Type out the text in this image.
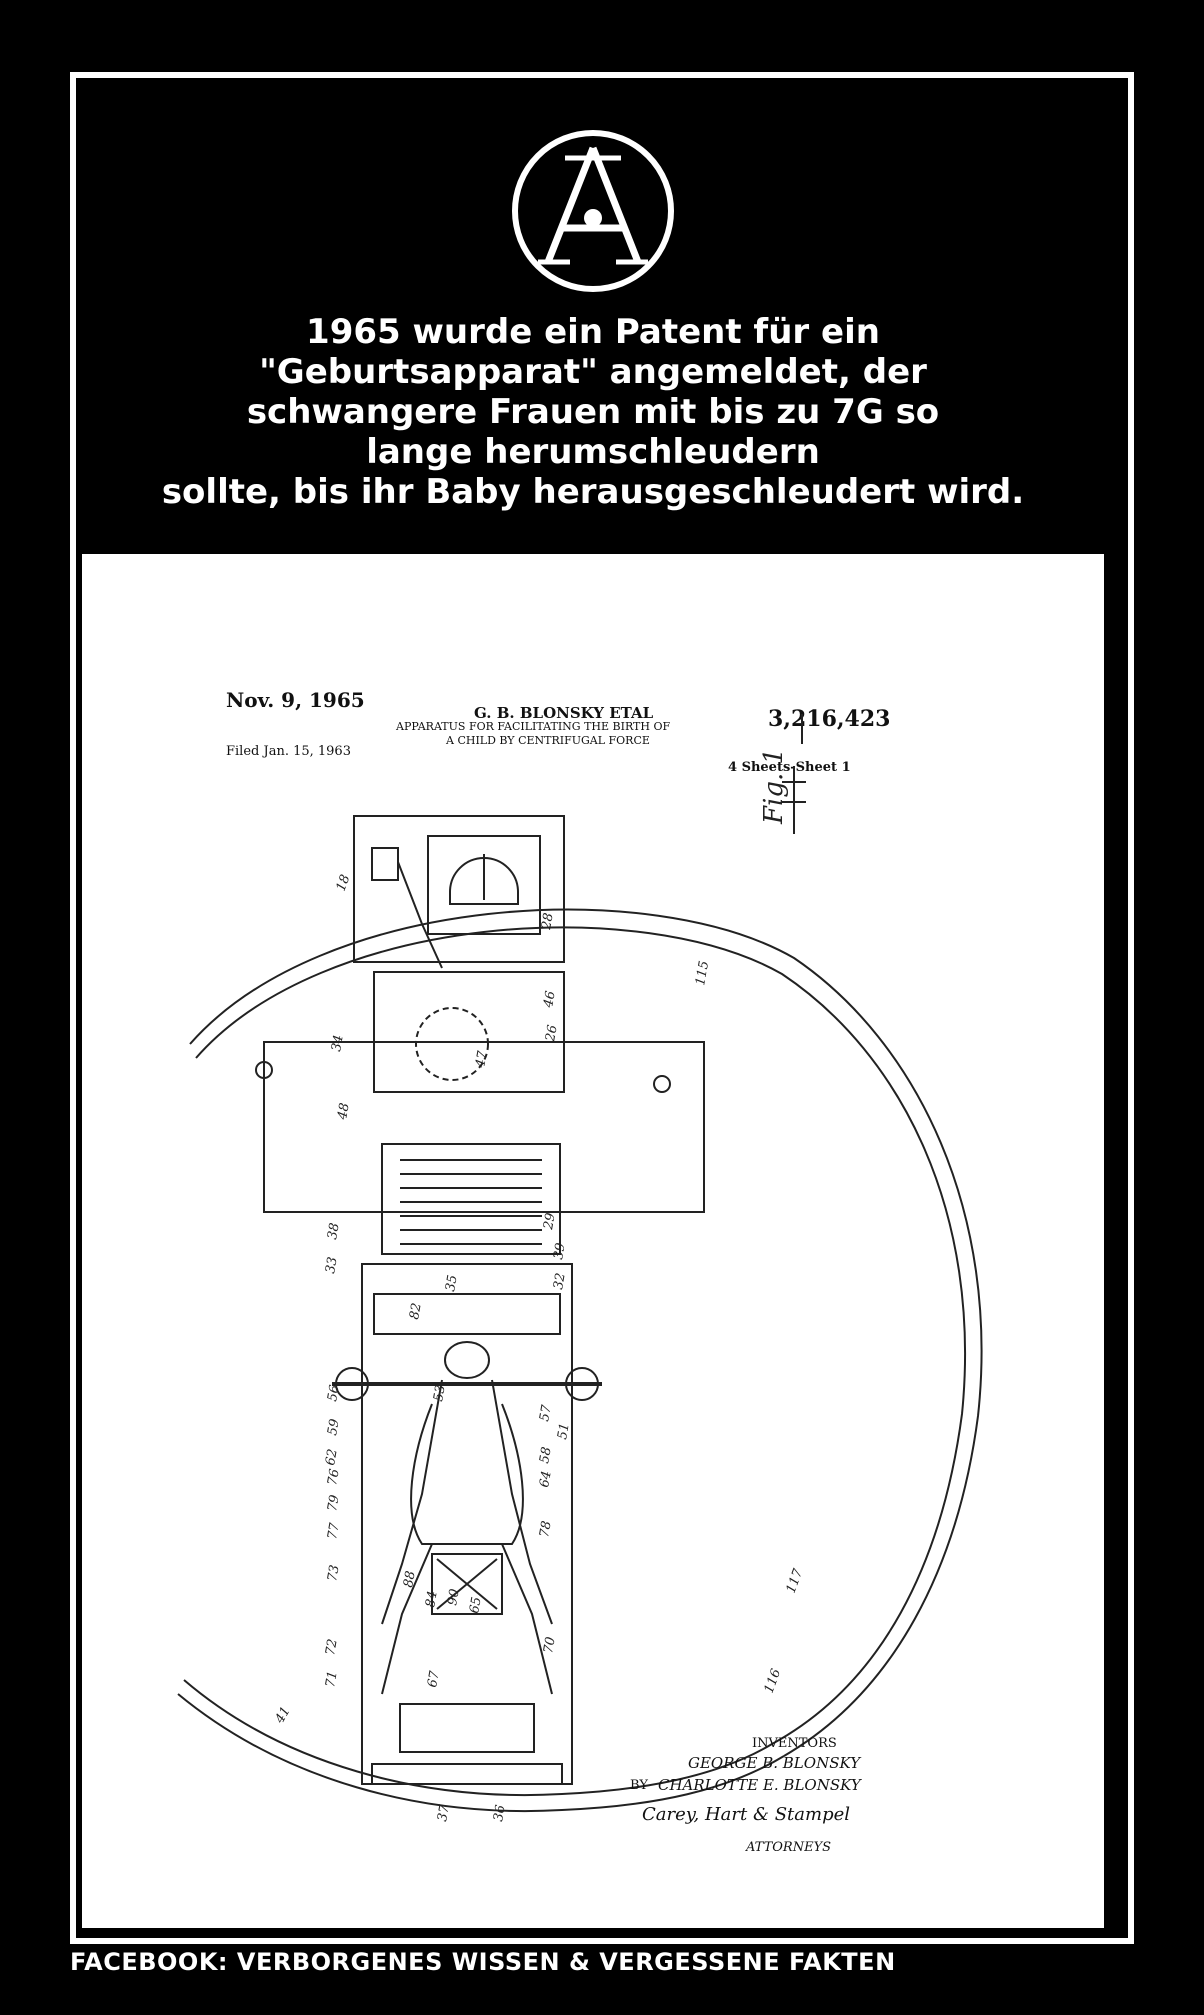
1965 wurde ein Patent für ein
"Geburtsapparat" angemeldet, der
schwangere Frauen mit bis zu 7G so
lange herumschleudern
sollte, bis ihr Baby herausgeschleudert wird.
Nov. 9, 1965
G. B. BLONSKY ETAL
APPARATUS FOR FACILITATING THE BIRTH OF
A CHILD BY CENTRIFUGAL FORCE
3,216,423
Filed Jan. 15, 1963
4 Sheets-Sheet 1
18
28
115
46
26
34
47
48
38
29
39
33
32
35
82
56	53
59	51
57
62	58
64
76
79
77	78
73	88
84 90 65
70
72
71	67
117
116
41
37	36
Fig. 1
INVENTORS
GEORGE B. BLONSKY
BY CHARLOTTE E. BLONSKY
Carey, Hart & Stampel
ATTORNEYS
FACEBOOK: VERBORGENES WISSEN & VERGESSENE FAKTEN
